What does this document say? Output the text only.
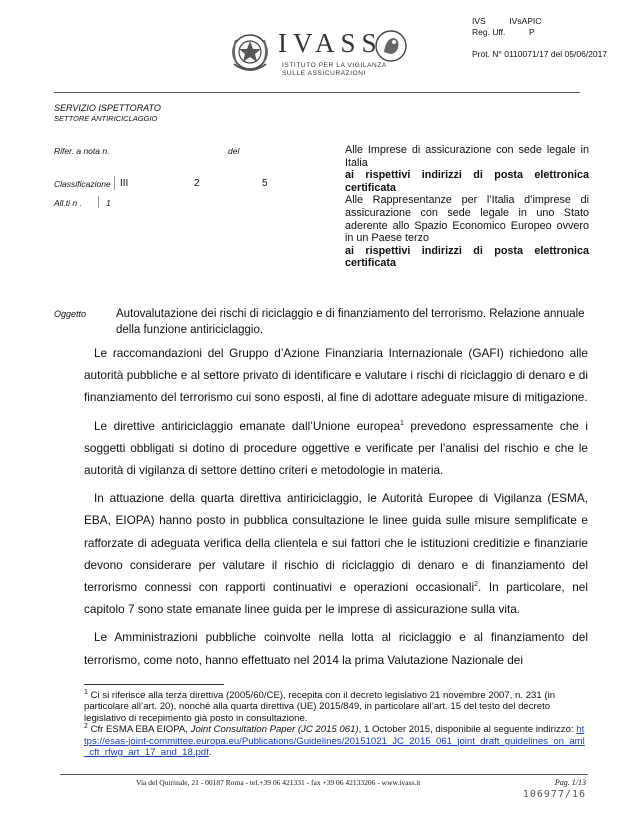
IVS          IVsAPIC
Reg. Uff.          P
Prot. N° 0110071/17 del 05/06/2017
IVASS
ISTITUTO PER LA VIGILANZA
SULLE ASSICURAZIONI
SERVIZIO ISPETTORATO
SETTORE ANTIRICICLAGGIO
Rifer. a nota n.	del
Classificazione III	2	5
All.ti n .	1

Alle Imprese di assicurazione con sede legale in Italia

ai rispettivi indirizzi di posta elettronica certificata

Alle Rappresentanze per l’Italia d’imprese di assicurazione con sede legale in uno Stato aderente allo Spazio Economico Europeo ovvero in un Paese terzo

ai rispettivi indirizzi di posta elettronica certificata

Oggetto	Autovalutazione dei rischi di riciclaggio e di finanziamento del terrorismo. Relazione annuale della funzione antiriciclaggio.

Le raccomandazioni del Gruppo d’Azione Finanziaria Internazionale (GAFI) richiedono alle autorità pubbliche e al settore privato di identificare e valutare i rischi di riciclaggio di denaro e di finanziamento del terrorismo cui sono esposti, al fine di adottare adeguate misure di mitigazione.

Le direttive antiriciclaggio emanate dall’Unione europea$^1$ prevedono espressamente che i soggetti obbligati si dotino di procedure oggettive e verificate per l’analisi del rischio e che le autorità di vigilanza di settore dettino criteri e metodologie in materia.

In attuazione della quarta direttiva antiriciclaggio, le Autorità Europee di Vigilanza (ESMA, EBA, EIOPA) hanno posto in pubblica consultazione le linee guida sulle misure semplificate e rafforzate di adeguata verifica della clientela e sui fattori che le istituzioni creditizie e finanziarie devono considerare per valutare il rischio di riciclaggio di denaro e di finanziamento del terrorismo connessi con rapporti continuativi e operazioni occasionali$^2$. In particolare, nel capitolo 7 sono state emanate linee guida per le imprese di assicurazione sulla vita.

Le Amministrazioni pubbliche coinvolte nella lotta al riciclaggio e al finanziamento del terrorismo, come noto, hanno effettuato nel 2014 la prima Valutazione Nazionale dei

$^1$ Ci si riferisce alla terza direttiva (2005/60/CE), recepita con il decreto legislativo 21 novembre 2007, n. 231 (in particolare all’art. 20), nonché alla quarta direttiva (UE) 2015/849, in particolare all’art. 15 del testo del decreto legislativo di recepimento già posto in consultazione.

$^2$ Cfr ESMA EBA EIOPA, Joint Consultation Paper (JC 2015 061), 1 October 2015, disponibile al seguente indirizzo: https://esas-joint-committee.europa.eu/Publications/Guidelines/20151021_JC_2015_061_joint_draft_guidelines_on_aml_cft_rfwg_art_17_and_18.pdf.

Via del Quirinale, 21 - 00187 Roma - tel.+39 06 421331 - fax +39 06 42133206 - www.ivass.it	Pag. 1/13
106977/16
